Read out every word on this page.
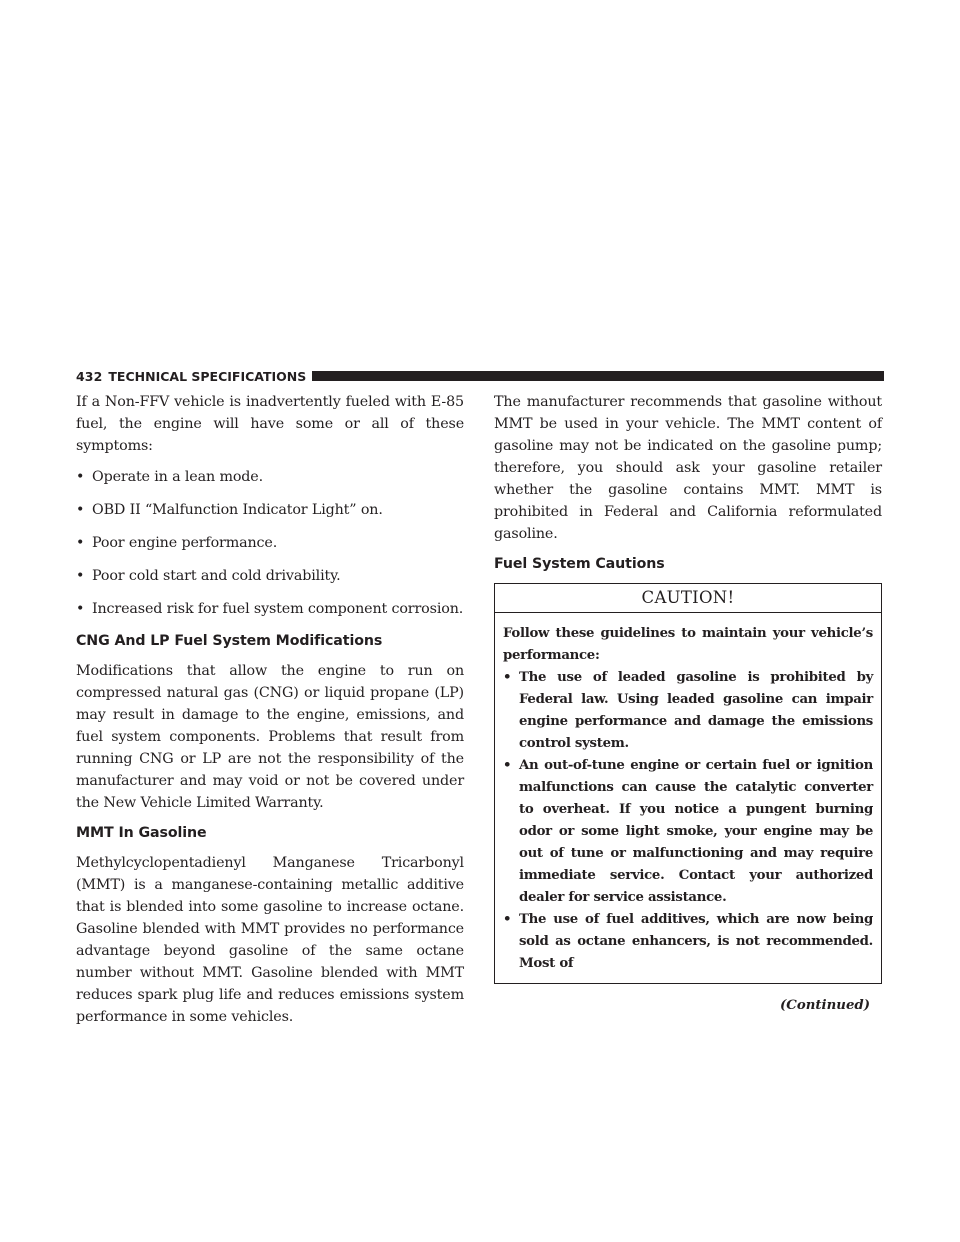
432 TECHNICAL SPECIFICATIONS

If a Non-FFV vehicle is inadvertently fueled with E-85 fuel, the engine will have some or all of these symptoms:

• Operate in a lean mode.
• OBD II “Malfunction Indicator Light” on.
• Poor engine performance.
• Poor cold start and cold drivability.
• Increased risk for fuel system component corrosion.
CNG And LP Fuel System Modifications

Modifications that allow the engine to run on compressed natural gas (CNG) or liquid propane (LP) may result in damage to the engine, emissions, and fuel system components. Problems that result from running CNG or LP are not the responsibility of the manufacturer and may void or not be covered under the New Vehicle Limited Warranty.

MMT In Gasoline

Methylcyclopentadienyl Manganese Tricarbonyl (MMT) is a manganese-containing metallic additive that is blended into some gasoline to increase octane. Gasoline blended with MMT provides no performance advantage beyond gasoline of the same octane number without MMT. Gasoline blended with MMT reduces spark plug life and reduces emissions system performance in some vehicles.

The manufacturer recommends that gasoline without MMT be used in your vehicle. The MMT content of gasoline may not be indicated on the gasoline pump; therefore, you should ask your gasoline retailer whether the gasoline contains MMT. MMT is prohibited in Federal and California reformulated gasoline.

Fuel System Cautions
CAUTION!

Follow these guidelines to maintain your vehicle’s performance:

• The use of leaded gasoline is prohibited by Federal law. Using leaded gasoline can impair engine performance and damage the emissions control system.
• An out-of-tune engine or certain fuel or ignition malfunctions can cause the catalytic converter to overheat. If you notice a pungent burning odor or some light smoke, your engine may be out of tune or malfunctioning and may require immediate service. Contact your authorized dealer for service assistance.
• The use of fuel additives, which are now being sold as octane enhancers, is not recommended. Most of
(Continued)
